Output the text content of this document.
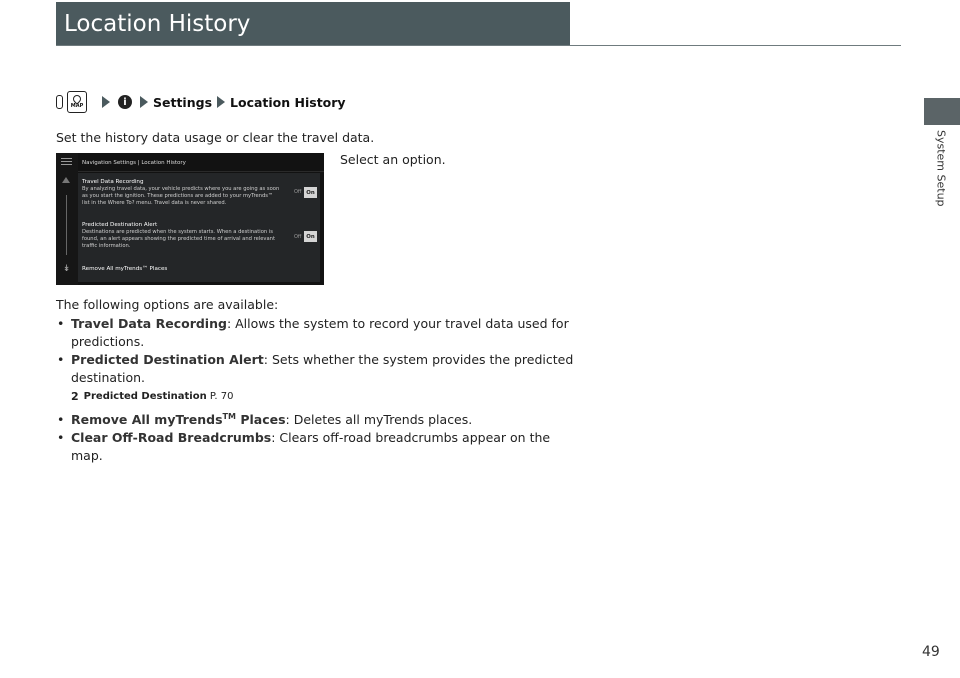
Location History
System Setup
MAP	i	Settings Location History
Set the history data usage or clear the travel data.
Select an option.
↡
Navigation Settings | Location History
Travel Data Recording
By analyzing travel data, your vehicle predicts where you are going as soon as you start the ignition. These predictions are added to your myTrends™ list in the Where To? menu. Travel data is never shared.
Off On
Predicted Destination Alert
Destinations are predicted when the system starts. When a destination is found, an alert appears showing the predicted time of arrival and relevant traffic information.
Off On
Remove All myTrends™ Places

The following options are available:

• Travel Data Recording: Allows the system to record your travel data used for predictions.
• Predicted Destination Alert: Sets whether the system provides the predicted destination.
2 Predicted Destination
P. 70
• Remove All myTrends™ Places: Deletes all myTrends places.
• Clear Off-Road Breadcrumbs: Clears off-road breadcrumbs appear on the map.
49
